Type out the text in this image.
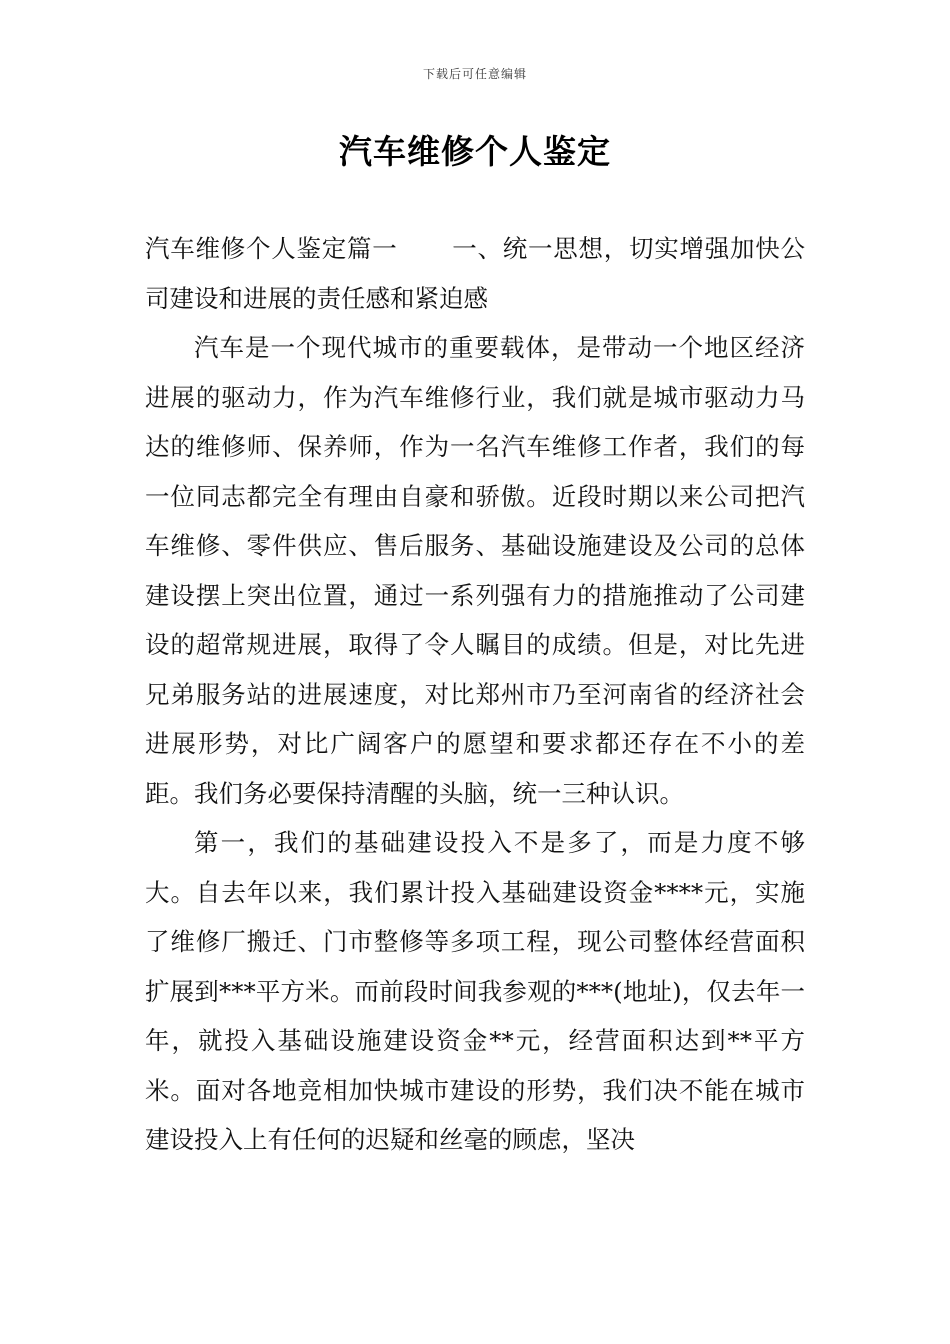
下载后可任意编辑
汽车维修个人鉴定

汽车维修个人鉴定篇一 一、统一思想，切实增强加快公司建设和进展的责任感和紧迫感

汽车是一个现代城市的重要载体，是带动一个地区经济进展的驱动力，作为汽车维修行业，我们就是城市驱动力马达的维修师、保养师，作为一名汽车维修工作者，我们的每一位同志都完全有理由自豪和骄傲。近段时期以来公司把汽车维修、零件供应、售后服务、基础设施建设及公司的总体建设摆上突出位置，通过一系列强有力的措施推动了公司建设的超常规进展，取得了令人瞩目的成绩。但是，对比先进兄弟服务站的进展速度，对比郑州市乃至河南省的经济社会进展形势，对比广阔客户的愿望和要求都还存在不小的差距。我们务必要保持清醒的头脑，统一三种认识。

第一，我们的基础建设投入不是多了，而是力度不够大。自去年以来，我们累计投入基础建设资金****元，实施了维修厂搬迁、门市整修等多项工程，现公司整体经营面积扩展到***平方米。而前段时间我参观的***(地址)，仅去年一年，就投入基础设施建设资金**元，经营面积达到**平方米。面对各地竞相加快城市建设的形势，我们决不能在城市建设投入上有任何的迟疑和丝毫的顾虑，坚决
